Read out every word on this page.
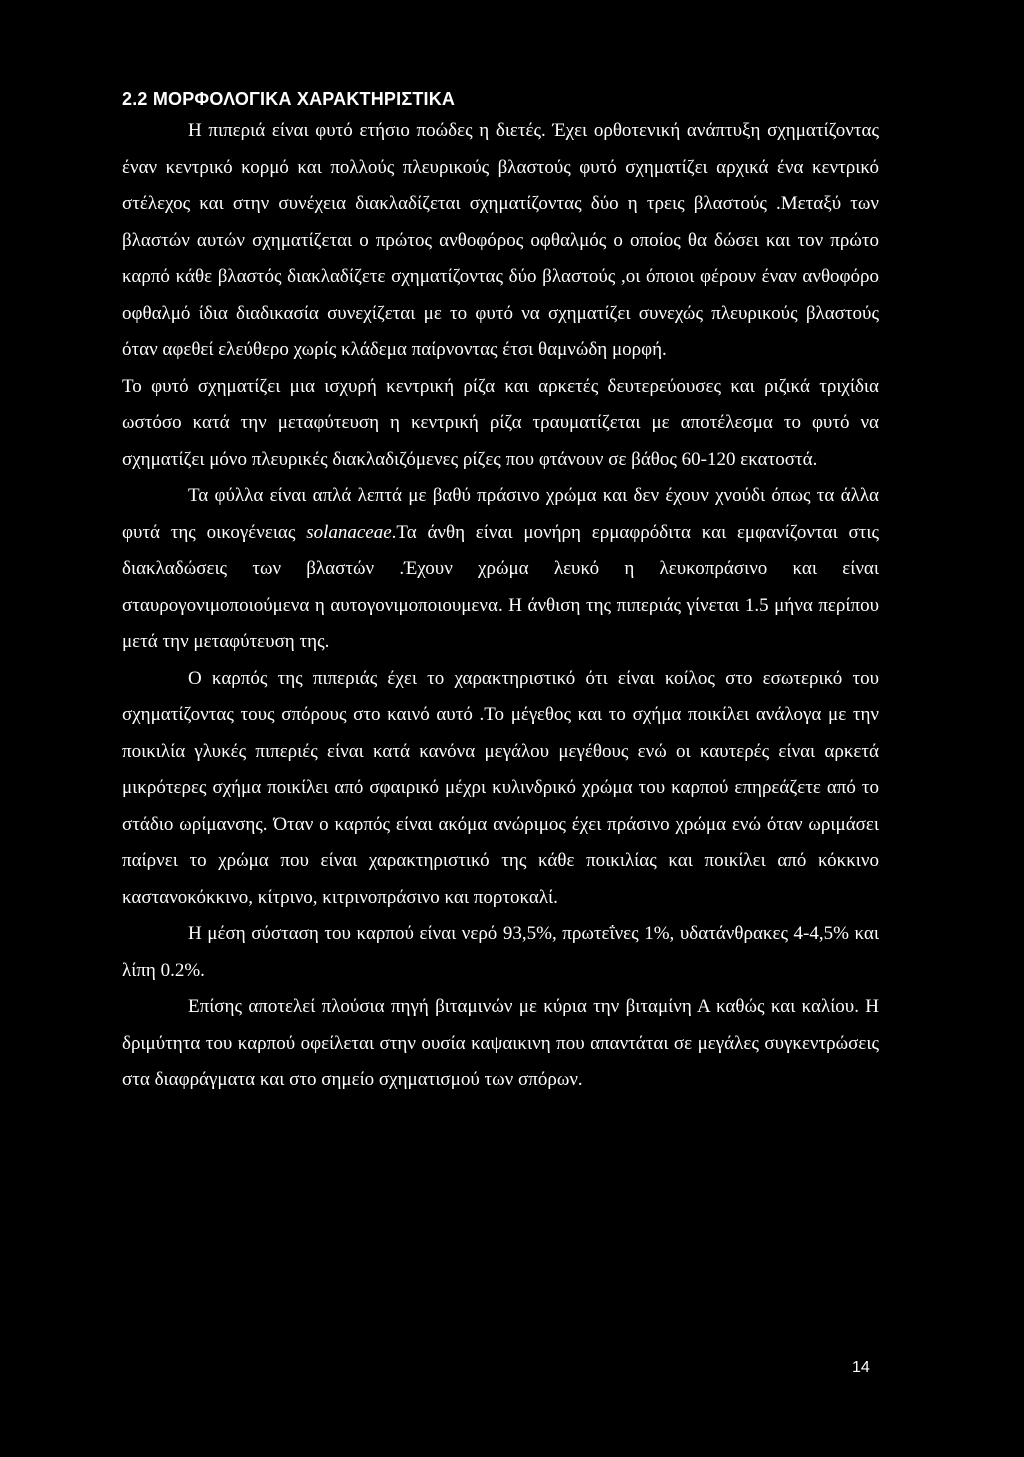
2.2 ΜΟΡΦΟΛΟΓΙΚΑ ΧΑΡΑΚΤΗΡΙΣΤΙΚΑ

Η πιπεριά είναι φυτό ετήσιο ποώδες η διετές. Έχει ορθοτενική ανάπτυξη σχηματίζοντας έναν κεντρικό κορμό και πολλούς πλευρικούς βλαστούς φυτό σχηματίζει αρχικά ένα κεντρικό στέλεχος και στην συνέχεια διακλαδίζεται σχηματίζοντας δύο η τρεις βλαστούς .Μεταξύ των βλαστών αυτών σχηματίζεται ο πρώτος ανθοφόρος οφθαλμός ο οποίος θα δώσει και τον πρώτο καρπό κάθε βλαστός διακλαδίζετε σχηματίζοντας δύο βλαστούς ,οι όποιοι φέρουν έναν ανθοφόρο οφθαλμό ίδια διαδικασία συνεχίζεται με το φυτό να σχηματίζει συνεχώς πλευρικούς βλαστούς όταν αφεθεί ελεύθερο χωρίς κλάδεμα παίρνοντας έτσι θαμνώδη μορφή.

Το φυτό σχηματίζει μια ισχυρή κεντρική ρίζα και αρκετές δευτερεύουσες και ριζικά τριχίδια ωστόσο κατά την μεταφύτευση η κεντρική ρίζα τραυματίζεται με αποτέλεσμα το φυτό να σχηματίζει μόνο πλευρικές διακλαδιζόμενες ρίζες που φτάνουν σε βάθος 60-120 εκατοστά.

Τα φύλλα είναι απλά λεπτά με βαθύ πράσινο χρώμα και δεν έχουν χνούδι όπως τα άλλα φυτά της οικογένειας solanaceae.Τα άνθη είναι μονήρη ερμαφρόδιτα και εμφανίζονται στις διακλαδώσεις των βλαστών .Έχουν χρώμα λευκό η λευκοπράσινο και είναι σταυρογονιμοποιούμενα η αυτογονιμοποιουμενα. Η άνθιση της πιπεριάς γίνεται 1.5 μήνα περίπου μετά την μεταφύτευση της.

Ο καρπός της πιπεριάς έχει το χαρακτηριστικό ότι είναι κοίλος στο εσωτερικό του σχηματίζοντας τους σπόρους στο καινό αυτό .Το μέγεθος και το σχήμα ποικίλει ανάλογα με την ποικιλία γλυκές πιπεριές είναι κατά κανόνα μεγάλου μεγέθους ενώ οι καυτερές είναι αρκετά μικρότερες σχήμα ποικίλει από σφαιρικό μέχρι κυλινδρικό χρώμα του καρπού επηρεάζετε από το στάδιο ωρίμανσης. Όταν ο καρπός είναι ακόμα ανώριμος έχει πράσινο χρώμα ενώ όταν ωριμάσει παίρνει το χρώμα που είναι χαρακτηριστικό της κάθε ποικιλίας και ποικίλει από κόκκινο καστανοκόκκινο, κίτρινο, κιτρινοπράσινο και πορτοκαλί.

Η μέση σύσταση του καρπού είναι νερό 93,5%, πρωτεΐνες 1%, υδατάνθρακες 4-4,5% και λίπη 0.2%.

Επίσης αποτελεί πλούσια πηγή βιταμινών με κύρια την βιταμίνη Α καθώς και καλίου. Η δριμύτητα του καρπού οφείλεται στην ουσία καψαικινη που απαντάται σε μεγάλες συγκεντρώσεις στα διαφράγματα και στο σημείο σχηματισμού των σπόρων.

14
